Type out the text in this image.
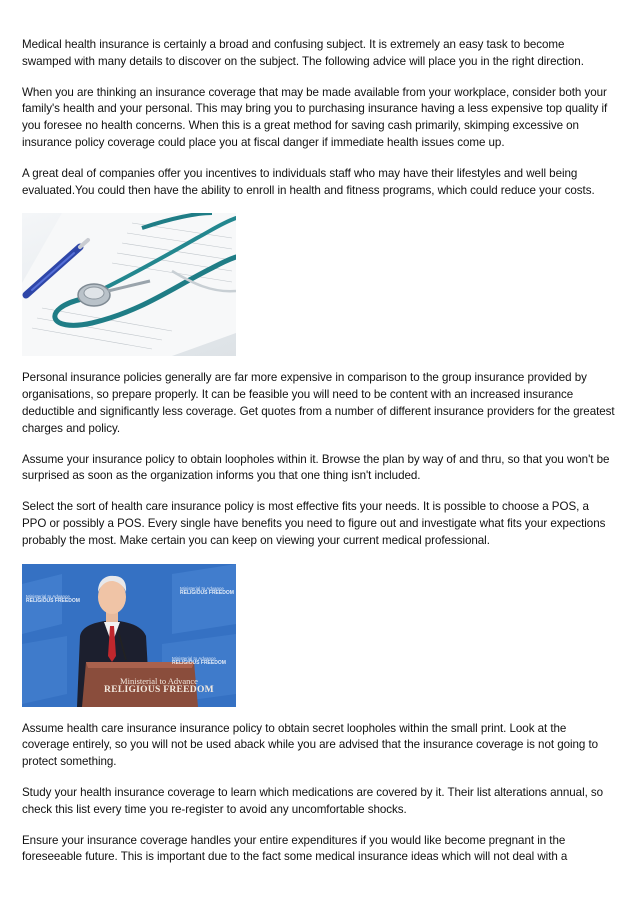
Medical health insurance is certainly a broad and confusing subject. It is extremely an easy task to become swamped with many details to discover on the subject. The following advice will place you in the right direction.

When you are thinking an insurance coverage that may be made available from your workplace, consider both your family's health and your personal. This may bring you to purchasing insurance having a less expensive top quality if you foresee no health concerns. When this is a great method for saving cash primarily, skimping excessive on insurance policy coverage could place you at fiscal danger if immediate health issues come up.

A great deal of companies offer you incentives to individuals staff who may have their lifestyles and well being evaluated.You could then have the ability to enroll in health and fitness programs, which could reduce your costs.

Personal insurance policies generally are far more expensive in comparison to the group insurance provided by organisations, so prepare properly. It can be feasible you will need to be content with an increased insurance deductible and significantly less coverage. Get quotes from a number of different insurance providers for the greatest charges and policy.

Assume your insurance policy to obtain loopholes within it. Browse the plan by way of and thru, so that you won't be surprised as soon as the organization informs you that one thing isn't included.

Select the sort of health care insurance policy is most effective fits your needs. It is possible to choose a POS, a PPO or possibly a POS. Every single have benefits you need to figure out and investigate what fits your expections probably the most. Make certain you can keep on viewing your current medical professional.

Ministerial to Advance
RELIGIOUS FREEDOM
Ministerial to Advance
RELIGIOUS FREEDOM
Ministerial to Advance
RELIGIOUS FREEDOM
Ministerial to Advance
RELIGIOUS FREEDOM

Assume health care insurance insurance policy to obtain secret loopholes within the small print. Look at the coverage entirely, so you will not be used aback while you are advised that the insurance coverage is not going to protect something.

Study your health insurance coverage to learn which medications are covered by it. Their list alterations annual, so check this list every time you re-register to avoid any uncomfortable shocks.

Ensure your insurance coverage handles your entire expenditures if you would like become pregnant in the foreseeable future. This is important due to the fact some medical insurance ideas which will not deal with a
